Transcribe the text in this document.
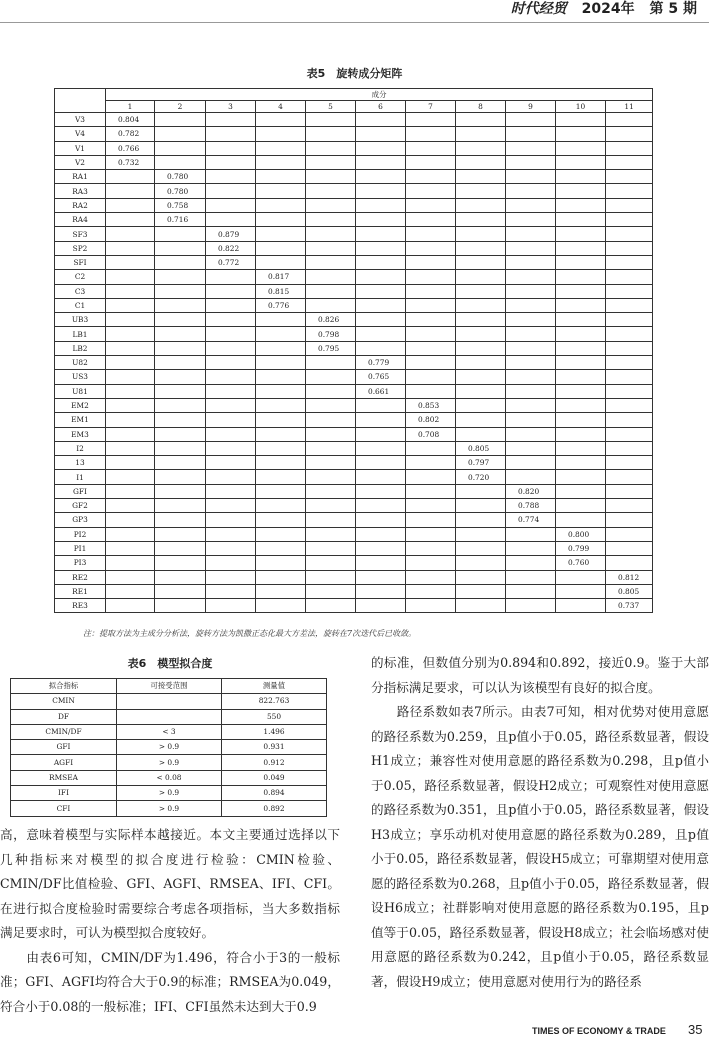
时代经贸 2024年 第 5 期
表5　旋转成分矩阵
	成分										
	1	2	3	4	5	6	7	8	9	10	11
V3	0.804										
V4	0.782										
V1	0.766										
V2	0.732										
RA1		0.780									
RA3		0.780									
RA2		0.758									
RA4		0.716									
SF3			0.879								
SP2			0.822								
SFI			0.772								
C2				0.817							
C3				0.815							
C1				0.776							
UB3					0.826						
LB1					0.798						
LB2					0.795						
U82						0.779					
US3						0.765					
U81						0.661					
EM2							0.853				
EM1							0.802				
EM3							0.708				
I2								0.805			
13								0.797			
I1								0.720			
GFI									0.820		
GF2									0.788		
GP3									0.774		
PI2										0.800	
PI1										0.799	
PI3										0.760	
RE2											0.812
RE1											0.805
RE3											0.737
注：提取方法为主成分分析法，旋转方法为凯撒正态化最大方差法，旋转在7次迭代后已收敛。
表6　模型拟合度
拟合指标	可接受范围	测量值
CMIN		822.763
DF		550
CMIN/DF	< 3	1.496
GFI	> 0.9	0.931
AGFI	> 0.9	0.912
RMSEA	< 0.08	0.049
IFI	> 0.9	0.894
CFI	> 0.9	0.892

高，意味着模型与实际样本越接近。本文主要通过选择以下几种指标来对模型的拟合度进行检验：CMIN检验、CMIN/DF比值检验、GFI、AGFI、RMSEA、IFI、CFI。在进行拟合度检验时需要综合考虑各项指标，当大多数指标满足要求时，可认为模型拟合度较好。

　　由表6可知，CMIN/DF为1.496，符合小于3的一般标准；GFI、AGFI均符合大于0.9的标准；RMSEA为0.049，符合小于0.08的一般标准；IFI、CFI虽然未达到大于0.9

的标准，但数值分别为0.894和0.892，接近0.9。鉴于大部分指标满足要求，可以认为该模型有良好的拟合度。

　　路径系数如表7所示。由表7可知，相对优势对使用意愿的路径系数为0.259，且p值小于0.05，路径系数显著，假设H1成立；兼容性对使用意愿的路径系数为0.298，且p值小于0.05，路径系数显著，假设H2成立；可观察性对使用意愿的路径系数为0.351，且p值小于0.05，路径系数显著，假设H3成立；享乐动机对使用意愿的路径系数为0.289，且p值小于0.05，路径系数显著，假设H5成立；可靠期望对使用意愿的路径系数为0.268，且p值小于0.05，路径系数显著，假设H6成立；社群影响对使用意愿的路径系数为0.195，且p值等于0.05，路径系数显著，假设H8成立；社会临场感对使用意愿的路径系数为0.242，且p值小于0.05，路径系数显著，假设H9成立；使用意愿对使用行为的路径系

TIMES OF ECONOMY & TRADE 35
